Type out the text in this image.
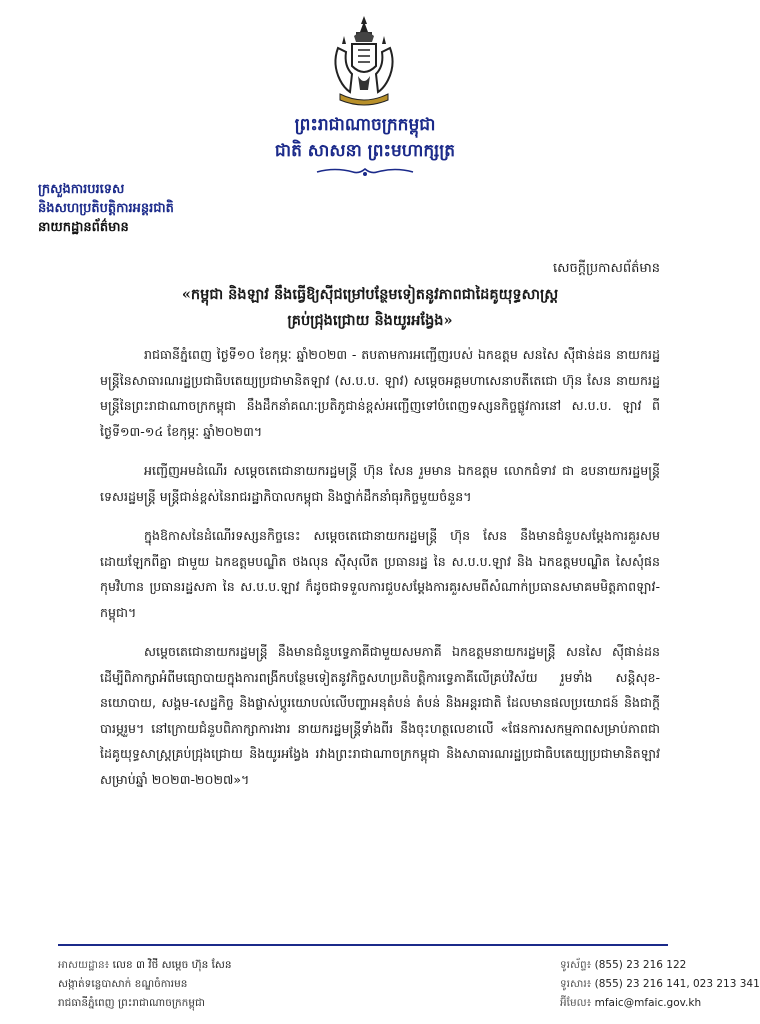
ព្រះរាជាណាចក្រកម្ពុជា
ជាតិ សាសនា ព្រះមហាក្សត្រ
ក្រសួងការបរទេស
និងសហប្រតិបត្តិការអន្តរជាតិ
នាយកដ្ឋានព័ត៌មាន
សេចក្តីប្រកាសព័ត៌មាន
«កម្ពុជា និងឡាវ នឹងធ្វើឱ្យស៊ីជម្រៅបន្ថែមទៀតនូវភាពជាដៃគូយុទ្ធសាស្ត្រ
គ្រប់ជ្រុងជ្រោយ និងយូរអង្វែង»

រាជធានីភ្នំពេញ ថ្ងៃទី១០ ខែកុម្ភៈ ឆ្នាំ២០២៣ - តបតាមការអញ្ជើញរបស់ ឯកឧត្តម សនសៃ ស៊ីផាន់ដន នាយករដ្ឋមន្ត្រីនៃសាធារណរដ្ឋប្រជាធិបតេយ្យប្រជាមានិតឡាវ (ស.ប.ប. ឡាវ) សម្តេចអគ្គមហាសេនាបតីតេជោ ហ៊ុន សែន នាយករដ្ឋមន្ត្រីនៃព្រះរាជាណាចក្រកម្ពុជា នឹងដឹកនាំគណៈប្រតិភូជាន់ខ្ពស់អញ្ជើញទៅបំពេញទស្សនកិច្ចផ្លូវការនៅ ស.ប.ប. ឡាវ ពីថ្ងៃទី១៣-១៤ ខែកុម្ភៈ ឆ្នាំ២០២៣។

អញ្ជើញអមដំណើរ សម្តេចតេជោនាយករដ្ឋមន្ត្រី ហ៊ុន សែន រួមមាន ឯកឧត្តម លោកជំទាវ ជា ឧបនាយករដ្ឋមន្ត្រី ទេសរដ្ឋមន្ត្រី មន្ត្រីជាន់ខ្ពស់នៃរាជរដ្ឋាភិបាលកម្ពុជា និងថ្នាក់ដឹកនាំធុរកិច្ចមួយចំនួន។

ក្នុងឱកាសនៃដំណើរទស្សនកិច្ចនេះ សម្តេចតេជោនាយករដ្ឋមន្ត្រី ហ៊ុន សែន នឹងមានជំនួបសម្តែងការគួរសមដោយឡែកពីគ្នា ជាមួយ ឯកឧត្តមបណ្ឌិត ថងលុន ស៊ីសុលីត ប្រធានរដ្ឋ នៃ ស.ប.ប.ឡាវ និង ឯកឧត្តមបណ្ឌិត សៃសុំផន កុមវិហាន ប្រធានរដ្ឋសភា នៃ ស.ប.ប.ឡាវ ក៏ដូចជាទទួលការជួបសម្តែងការគួរសមពីសំណាក់ប្រធានសមាគមមិត្តភាពឡាវ-កម្ពុជា។

សម្តេចតេជោនាយករដ្ឋមន្ត្រី នឹងមានជំនួបទ្វេភាគីជាមួយសមភាគី ឯកឧត្តមនាយករដ្ឋមន្ត្រី សនសៃ ស៊ីផាន់ដន ដើម្បីពិភាក្សាអំពីមធ្យោបាយក្នុងការពង្រីកបន្ថែមទៀតនូវកិច្ចសហប្រតិបត្តិការទ្វេភាគីលើគ្រប់វិស័យ រួមទាំង សន្តិសុខ-នយោបាយ, សង្គម-សេដ្ឋកិច្ច និងផ្លាស់ប្តូរយោបល់លើបញ្ហាអនុតំបន់ តំបន់ និងអន្តរជាតិ ដែលមានផលប្រយោជន៍ និងជាក្តីបារម្ភរួម។ នៅក្រោយជំនួបពិភាក្សាការងារ នាយករដ្ឋមន្ត្រីទាំងពីរ នឹងចុះហត្ថលេខាលើ «ផែនការសកម្មភាពសម្រាប់ភាពជាដៃគូយុទ្ធសាស្ត្រគ្រប់ជ្រុងជ្រោយ និងយូរអង្វែង រវាងព្រះរាជាណាចក្រកម្ពុជា និងសាធារណរដ្ឋប្រជាធិបតេយ្យប្រជាមានិតឡាវ សម្រាប់ឆ្នាំ ២០២៣-២០២៧»។

អាសយដ្ឋាន៖ លេខ ៣ វិថី សម្តេច ហ៊ុន សែន
សង្កាត់ទន្លេបាសាក់ ខណ្ឌចំការមន
រាជធានីភ្នំពេញ ព្រះរាជាណាចក្រកម្ពុជា
ទូរស័ព្ទ៖ (855) 23 216 122
ទូរសារ៖ (855) 23 216 141, 023 213 341
អ៊ីមែល៖ mfaic@mfaic.gov.kh
